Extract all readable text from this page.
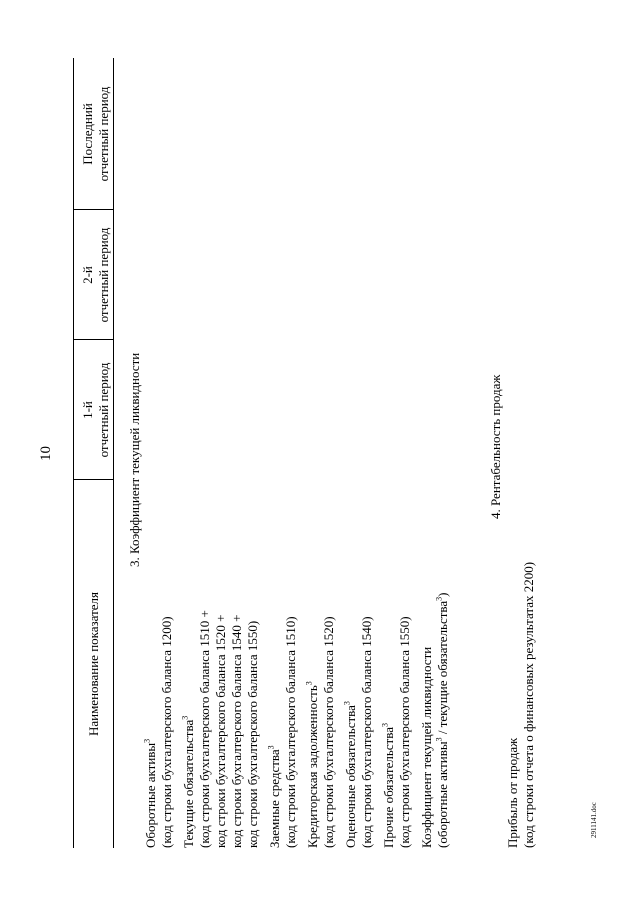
10
Наименование показателя
1-й отчетный период
2-й отчетный период
Последний отчетный период
3. Коэффициент текущей ликвидности
Оборотные активы$^3$ (код строки бухгалтерского баланса 1200) Текущие обязательства$^3$ (код строки бухгалтерского баланса 1510 + код строки бухгалтерского баланса 1520 + код строки бухгалтерского баланса 1540 + код строки бухгалтерского баланса 1550) Заемные средства$^3$ (код строки бухгалтерского баланса 1510) Кредиторская задолженность$^3$ (код строки бухгалтерского баланса 1520) Оценочные обязательства$^3$ (код строки бухгалтерского баланса 1540) Прочие обязательства$^3$ (код строки бухгалтерского баланса 1550) Коэффициент текущей ликвидности (оборотные активы$^3$ / текущие обязательства$^3$)
4. Рентабельность продаж
Прибыль от продаж (код строки отчета о финансовых результатах 2200)	2911141.doc
